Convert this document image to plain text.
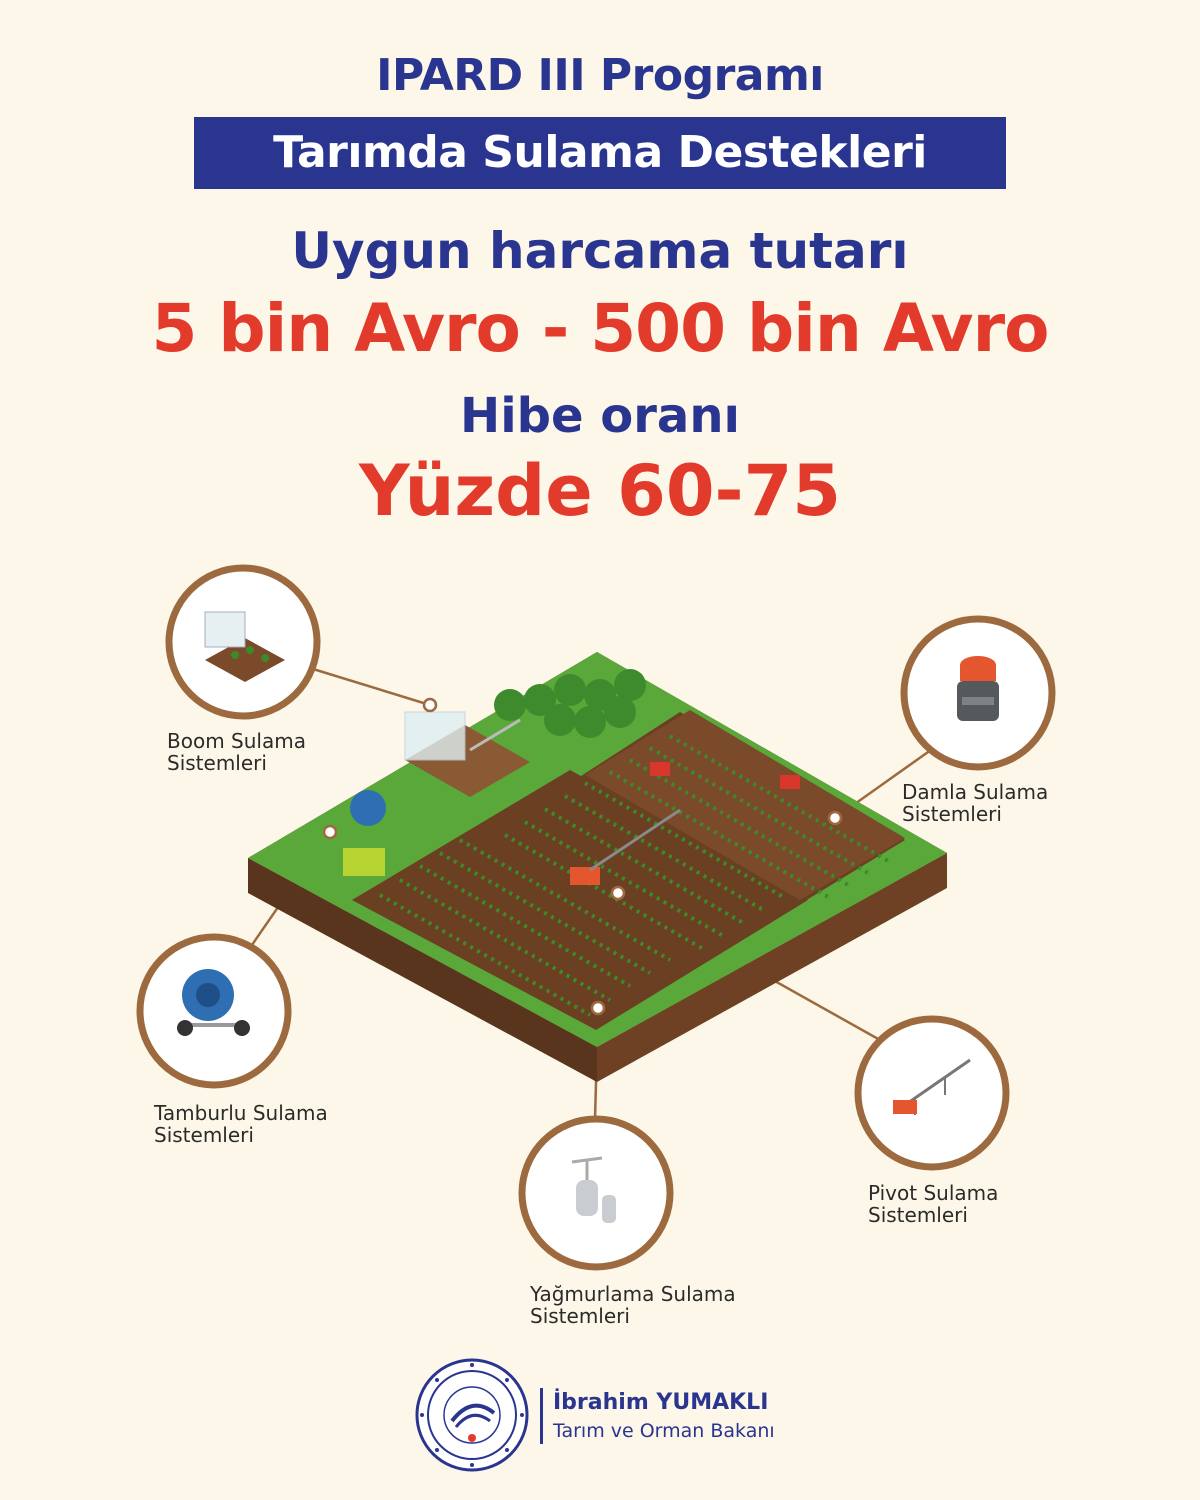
IPARD III Programı
Tarımda Sulama Destekleri
Uygun harcama tutarı
5 bin Avro - 500 bin Avro
Hibe oranı
Yüzde 60-75
Boom Sulama
Sistemleri
Damla Sulama
Sistemleri
Tamburlu Sulama
Sistemleri
Pivot Sulama
Sistemleri
Yağmurlama Sulama
Sistemleri
İbrahim YUMAKLI
Tarım ve Orman Bakanı
